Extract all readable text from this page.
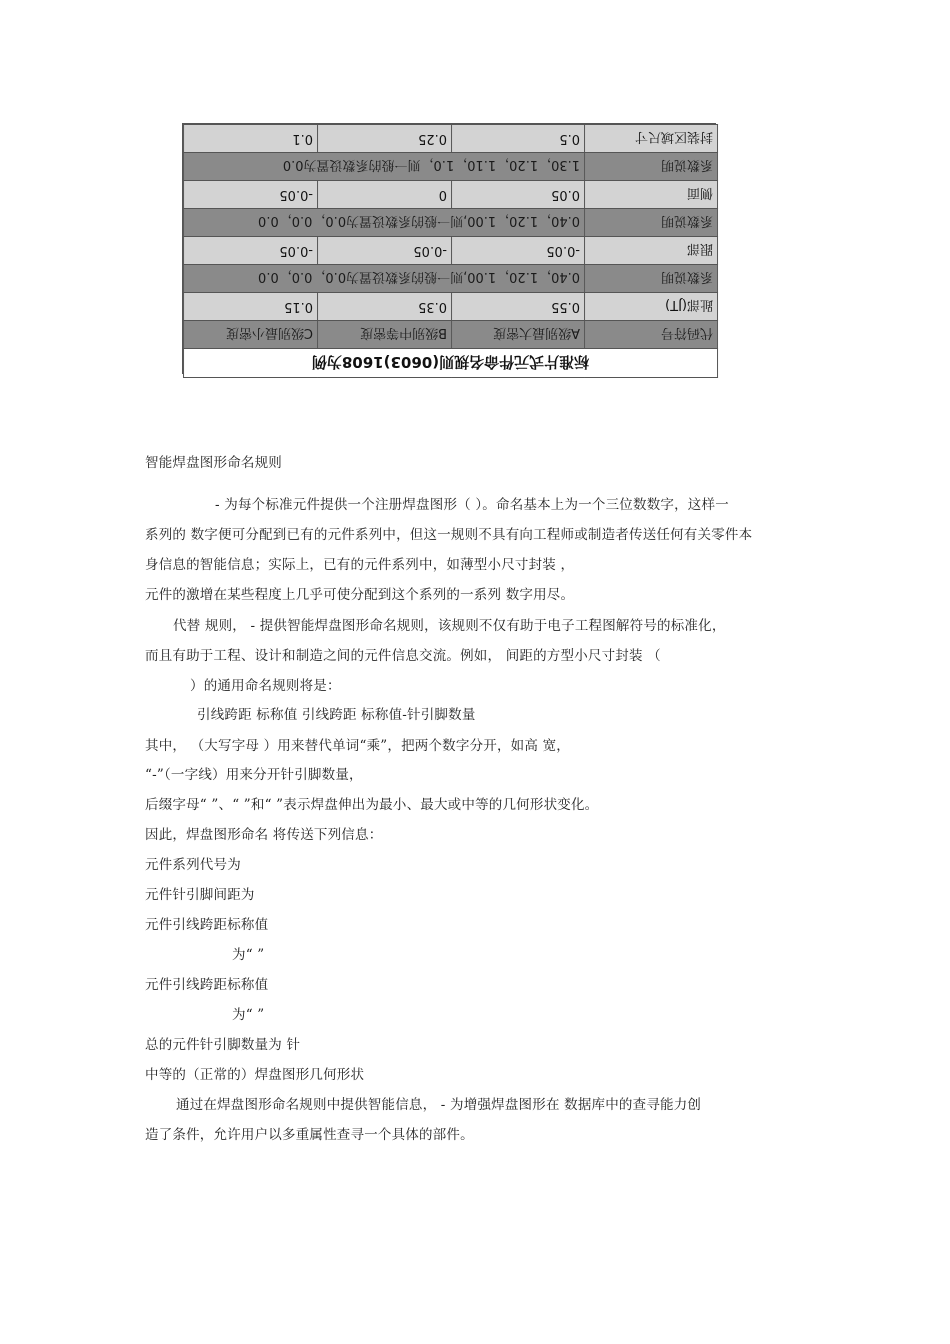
标准片式元件命名规则(0603)1608为例			
代码符号	A级别最大密度	B级别中等密度	C级别最小密度
趾部(JT)	0.55	0.35	0.15
系数说明	0.40，1.20，1.00,则一般的系数设置为0.0，0.0，0.0		
跟部	-0.05	-0.05	-0.05
系数说明	0.40，1.20，1.00,则一般的系数设置为0.0，0.0，0.0		
侧面	0.05	0	-0.05
系数说明	1.30，1.20，1.10，1.0，则一般的系数设置为0.0		
封装区域尺寸	0.5	0.25	0.1
智能焊盘图形命名规则
- 为每个标准元件提供一个注册焊盘图形（ ）。命名基本上为一个三位数数字，这样一
系列的 数字便可分配到已有的元件系列中，但这一规则不具有向工程师或制造者传送任何有关零件本
身信息的智能信息；实际上，已有的元件系列中，如薄型小尺寸封装 ，
元件的激增在某些程度上几乎可使分配到这个系列的一系列 数字用尽。
代替 规则， - 提供智能焊盘图形命名规则，该规则不仅有助于电子工程图解符号的标准化，
而且有助于工程、设计和制造之间的元件信息交流。例如， 间距的方型小尺寸封装 （
）的通用命名规则将是：
引线跨距 标称值 引线跨距 标称值-针引脚数量
其中， （大写字母 ）用来替代单词“乘”，把两个数字分开，如高 宽，
“-”（一字线）用来分开针引脚数量，
后缀字母“ ”、“ ”和“ ”表示焊盘伸出为最小、最大或中等的几何形状变化。
因此，焊盘图形命名 将传送下列信息：
元件系列代号为
元件针引脚间距为
元件引线跨距标称值
为“ ”
元件引线跨距标称值
为“ ”
总的元件针引脚数量为 针
中等的（正常的）焊盘图形几何形状
通过在焊盘图形命名规则中提供智能信息， - 为增强焊盘图形在 数据库中的查寻能力创
造了条件，允许用户以多重属性查寻一个具体的部件。
